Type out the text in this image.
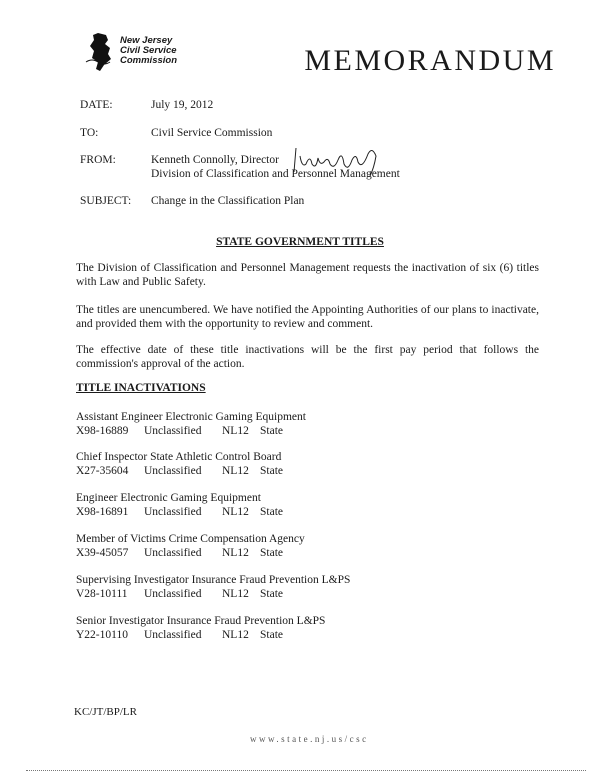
New Jersey
Civil Service
Commission	MEMORANDUM
DATE:	July 19, 2012
TO:	Civil Service Commission
FROM:	Kenneth Connolly, Director
Division of Classification and Personnel Management
SUBJECT: Change in the Classification Plan
STATE GOVERNMENT TITLES
The Division of Classification and Personnel Management requests the inactivation of six (6) titles with Law and Public Safety.
The titles are unencumbered. We have notified the Appointing Authorities of our plans to inactivate, and provided them with the opportunity to review and comment.
The effective date of these title inactivations will be the first pay period that follows the commission's approval of the action.
TITLE INACTIVATIONS
Assistant Engineer Electronic Gaming Equipment
X98-16889 Unclassified NL12 State
Chief Inspector State Athletic Control Board
X27-35604 Unclassified NL12 State
Engineer Electronic Gaming Equipment
X98-16891 Unclassified NL12 State
Member of Victims Crime Compensation Agency
X39-45057 Unclassified NL12 State
Supervising Investigator Insurance Fraud Prevention L&PS
V28-10111 Unclassified NL12 State
Senior Investigator Insurance Fraud Prevention L&PS
Y22-10110 Unclassified NL12 State
KC/JT/BP/LR
www.state.nj.us/csc
